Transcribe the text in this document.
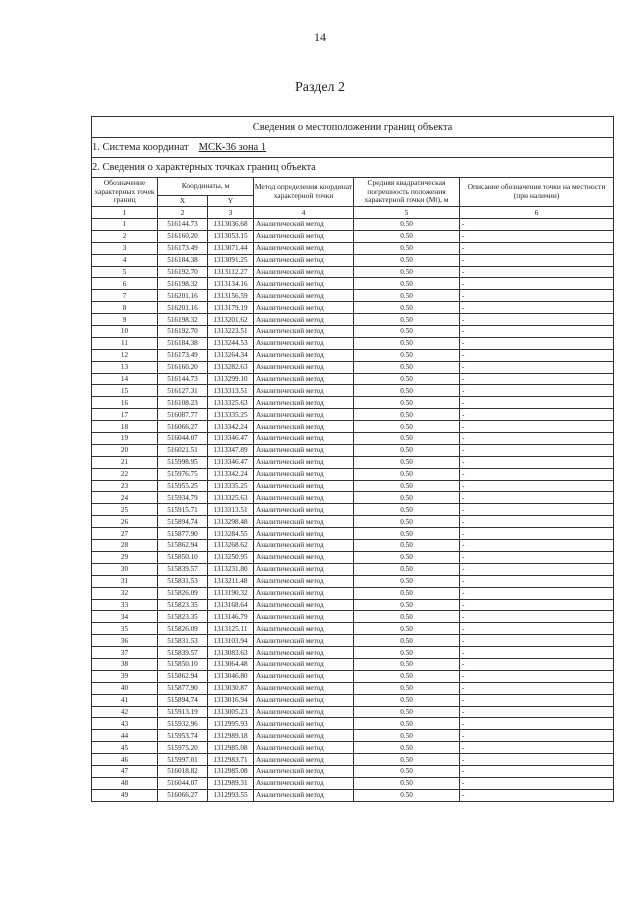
14
Раздел 2
Сведения о местоположении границ объекта					
1. Система координат МСК-36 зона 1					
2. Сведения о характерных точках границ объекта					
Обозначение характерных точек границ	Координаты, м		Метод определения координат характерной точки	Средняя квадратическая погрешность положения характерной точки (Mt), м	Описание обозначения точки на местности (при наличии)
	X	Y			
1	2	3	4	5	6
1	516144.73	1313036.68	Аналитический метод	0.50	-
2	516160.20	1313053.15	Аналитический метод	0.50	-
3	516173.49	1313071.44	Аналитический метод	0.50	-
4	516184.38	1313091.25	Аналитический метод	0.50	-
5	516192.70	1313112.27	Аналитический метод	0.50	-
6	516198.32	1313134.16	Аналитический метод	0.50	-
7	516201.16	1313156.59	Аналитический метод	0.50	-
8	516201.16	1313179.19	Аналитический метод	0.50	-
9	516198.32	1313201.62	Аналитический метод	0.50	-
10	516192.70	1313223.51	Аналитический метод	0.50	-
11	516184.38	1313244.53	Аналитический метод	0.50	-
12	516173.49	1313264.34	Аналитический метод	0.50	-
13	516160.20	1313282.63	Аналитический метод	0.50	-
14	516144.73	1313299.10	Аналитический метод	0.50	-
15	516127.31	1313313.51	Аналитический метод	0.50	-
16	516108.23	1313325.63	Аналитический метод	0.50	-
17	516087.77	1313335.25	Аналитический метод	0.50	-
18	516066.27	1313342.24	Аналитический метод	0.50	-
19	516044.07	1313346.47	Аналитический метод	0.50	-
20	516021.51	1313347.89	Аналитический метод	0.50	-
21	515998.95	1313346.47	Аналитический метод	0.50	-
22	515976.75	1313342.24	Аналитический метод	0.50	-
23	515955.25	1313335.25	Аналитический метод	0.50	-
24	515934.79	1313325.63	Аналитический метод	0.50	-
25	515915.71	1313313.51	Аналитический метод	0.50	-
26	515894.74	1313298.48	Аналитический метод	0.50	-
27	515877.90	1313284.55	Аналитический метод	0.50	-
28	515862.94	1313268.62	Аналитический метод	0.50	-
29	515850.10	1313250.95	Аналитический метод	0.50	-
30	515839.57	1313231.80	Аналитический метод	0.50	-
31	515831.53	1313211.48	Аналитический метод	0.50	-
32	515826.09	1313190.32	Аналитический метод	0.50	-
33	515823.35	1313168.64	Аналитический метод	0.50	-
34	515823.35	1313146.79	Аналитический метод	0.50	-
35	515826.09	1313125.11	Аналитический метод	0.50	-
36	515831.53	1313103.94	Аналитический метод	0.50	-
37	515839.57	1313083.63	Аналитический метод	0.50	-
38	515850.10	1313064.48	Аналитический метод	0.50	-
39	515862.94	1313046.80	Аналитический метод	0.50	-
40	515877.90	1313030.87	Аналитический метод	0.50	-
41	515894.74	1313016.94	Аналитический метод	0.50	-
42	515913.19	1313005.23	Аналитический метод	0.50	-
43	515932.96	1312995.93	Аналитический метод	0.50	-
44	515953.74	1312989.18	Аналитический метод	0.50	-
45	515975.20	1312985.08	Аналитический метод	0.50	-
46	515997.01	1312983.71	Аналитический метод	0.50	-
47	516018.82	1312985.08	Аналитический метод	0.50	-
48	516044.07	1312989.31	Аналитический метод	0.50	-
49	516066.27	1312993.55	Аналитический метод	0.50	-
